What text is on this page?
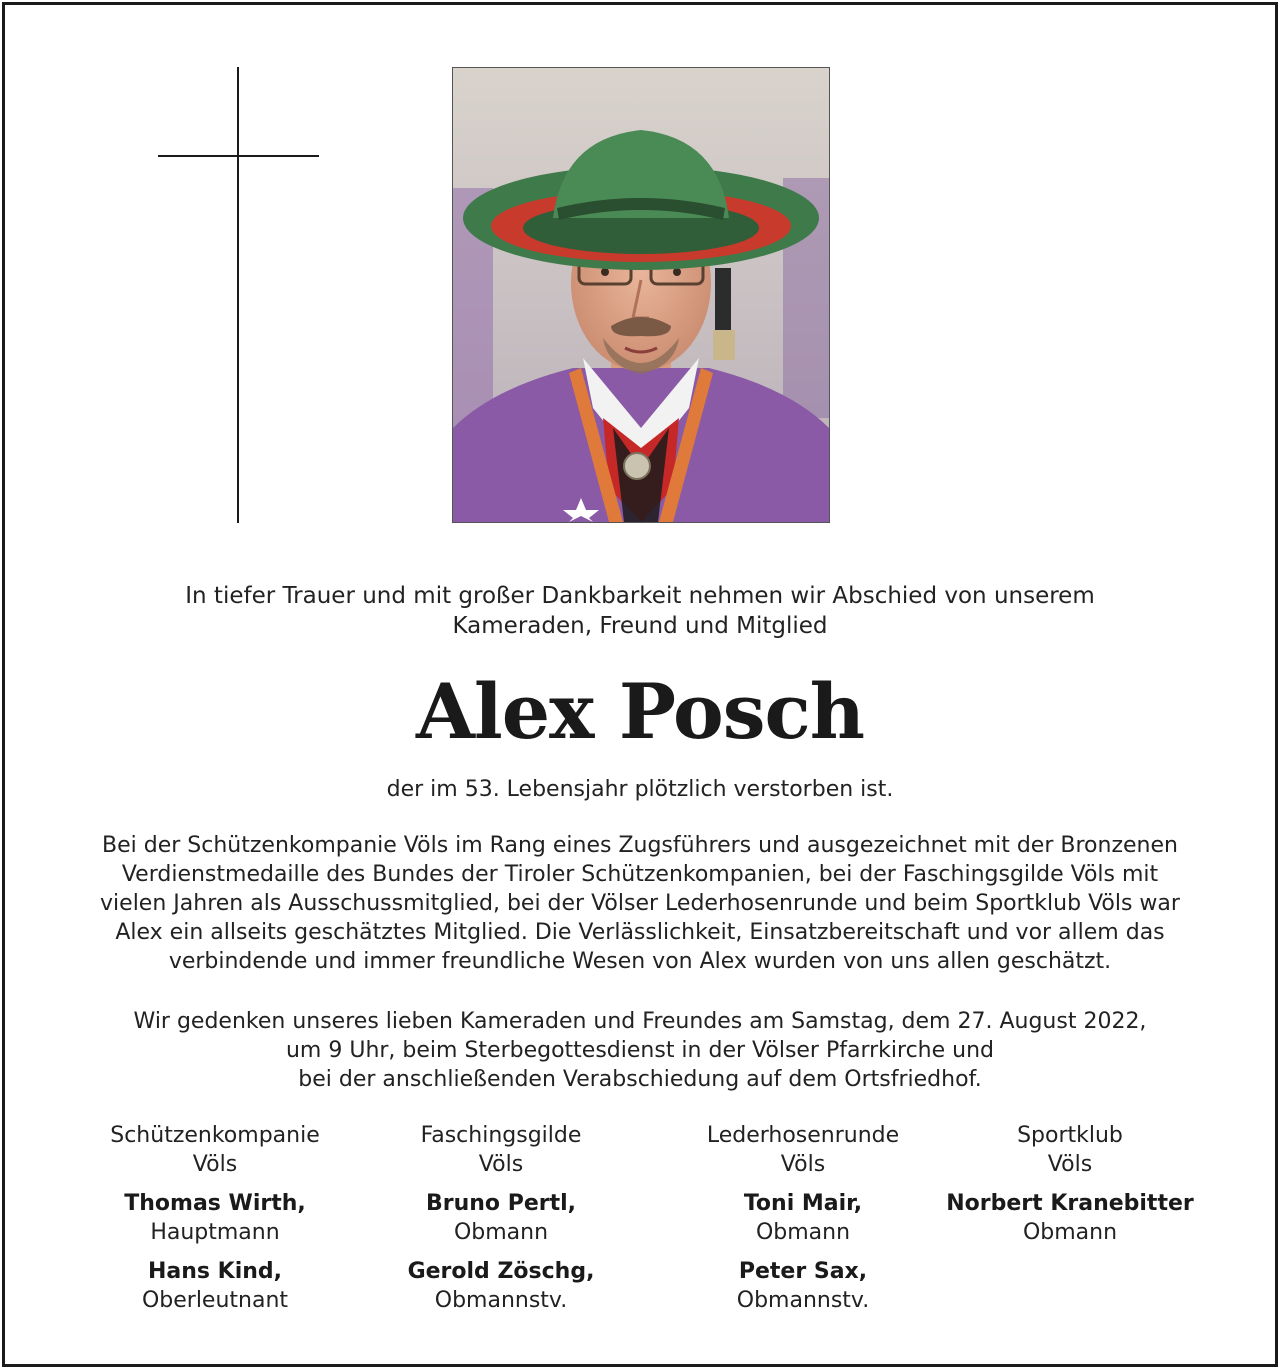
In tiefer Trauer und mit großer Dankbarkeit nehmen wir Abschied von unserem
Kameraden, Freund und Mitglied
Alex Posch
der im 53. Lebensjahr plötzlich verstorben ist.
Bei der Schützenkompanie Völs im Rang eines Zugsführers und ausgezeichnet mit der Bronzenen
Verdienstmedaille des Bundes der Tiroler Schützenkompanien, bei der Faschingsgilde Völs mit
vielen Jahren als Ausschussmitglied, bei der Völser Lederhosenrunde und beim Sportklub Völs war
Alex ein allseits geschätztes Mitglied. Die Verlässlichkeit, Einsatzbereitschaft und vor allem das
verbindende und immer freundliche Wesen von Alex wurden von uns allen geschätzt.
Wir gedenken unseres lieben Kameraden und Freundes am Samstag, dem 27. August 2022,
um 9 Uhr, beim Sterbegottesdienst in der Völser Pfarrkirche und
bei der anschließenden Verabschiedung auf dem Ortsfriedhof.
Schützenkompanie
Völs
Thomas Wirth,
Hauptmann
Hans Kind,
Oberleutnant
Faschingsgilde
Völs
Bruno Pertl,
Obmann
Gerold Zöschg,
Obmannstv.
Lederhosenrunde
Völs
Toni Mair,
Obmann
Peter Sax,
Obmannstv.
Sportklub
Völs
Norbert Kranebitter
Obmann
